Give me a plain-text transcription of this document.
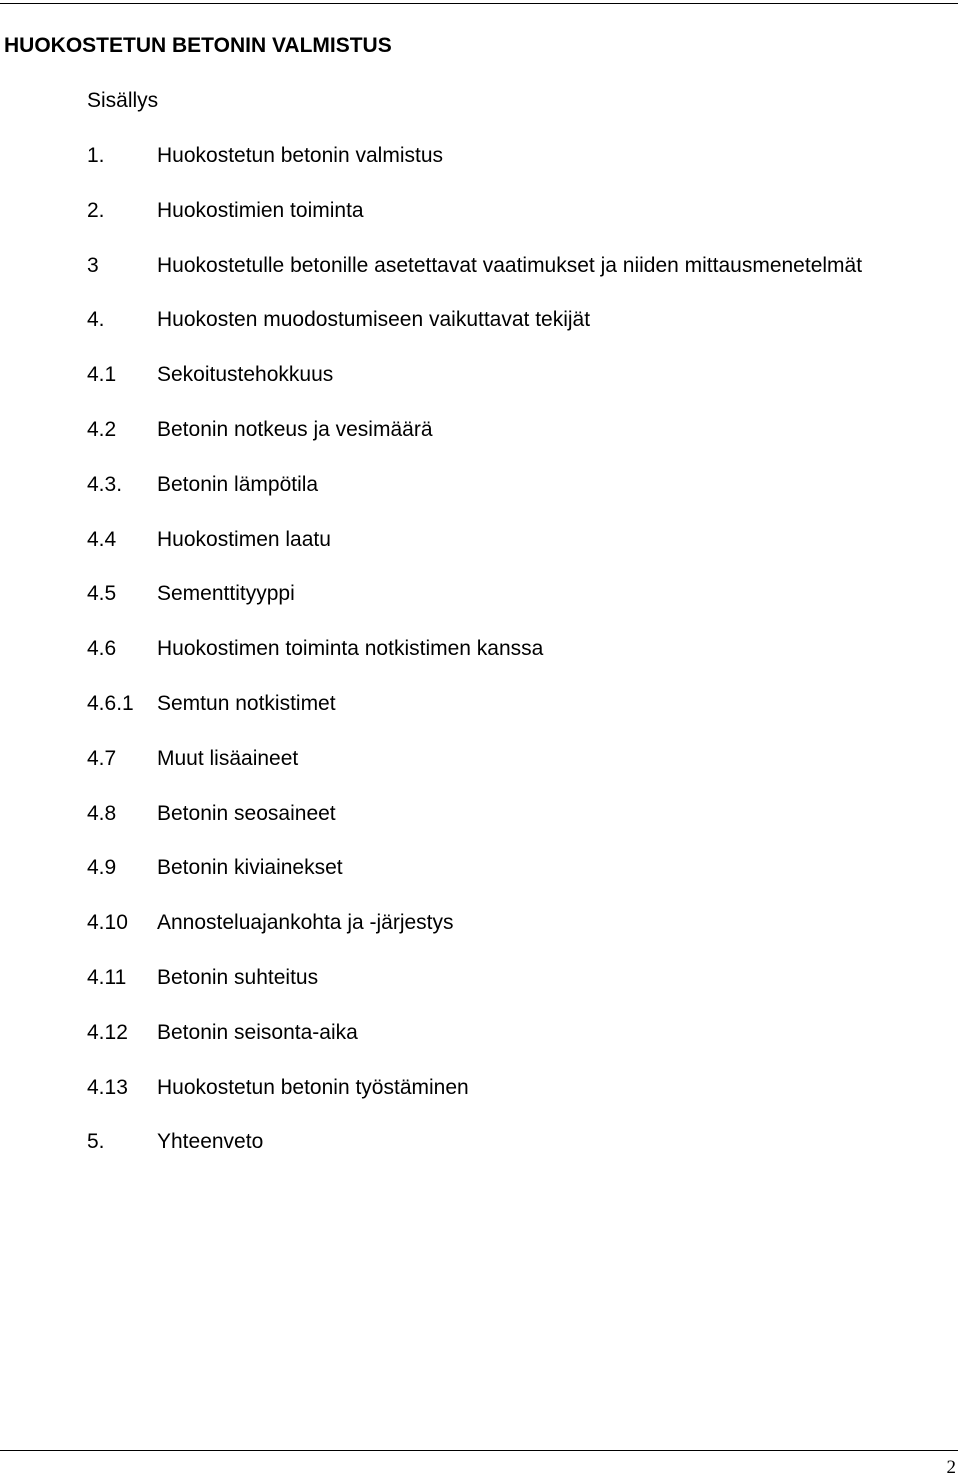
HUOKOSTETUN BETONIN VALMISTUS
Sisällys
1. Huokostetun betonin valmistus
2. Huokostimien toiminta
3	Huokostetulle betonille asetettavat vaatimukset ja niiden mittausmenetelmät
4. Huokosten muodostumiseen vaikuttavat tekijät
4.1 Sekoitustehokkuus
4.2 Betonin notkeus ja vesimäärä
4.3. Betonin lämpötila
4.4 Huokostimen laatu
4.5 Sementtityyppi
4.6 Huokostimen toiminta notkistimen kanssa
4.6.1 Semtun notkistimet
4.7 Muut lisäaineet
4.8 Betonin seosaineet
4.9 Betonin kiviainekset
4.10 Annosteluajankohta ja -järjestys
4.11 Betonin suhteitus
4.12 Betonin seisonta-aika
4.13 Huokostetun betonin työstäminen
5. Yhteenveto
2
